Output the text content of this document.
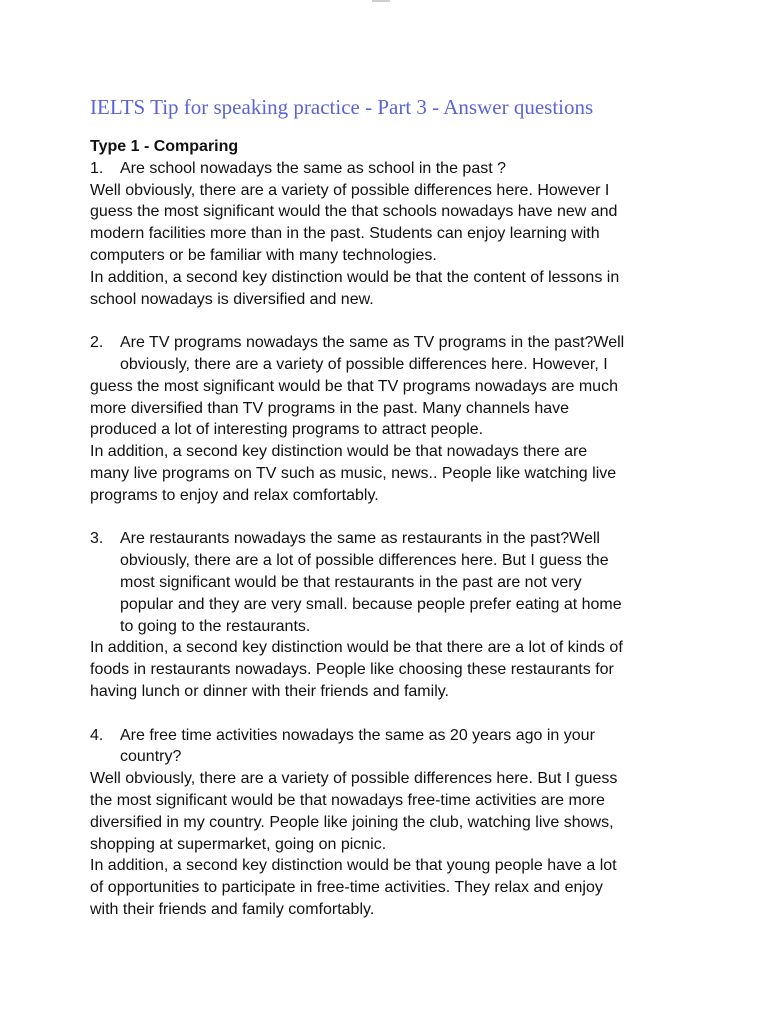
IELTS Tip for speaking practice - Part 3 - Answer questions

Type 1 - Comparing

1. Are school nowadays the same as school in the past ?

Well obviously, there are a variety of possible differences here. However I

guess the most significant would the that schools nowadays have new and

modern facilities more than in the past. Students can enjoy learning with

computers or be familiar with many technologies.

In addition, a second key distinction would be that the content of lessons in

school nowadays is diversified and new.

2. Are TV programs nowadays the same as TV programs in the past?Well

obviously, there are a variety of possible differences here. However, I

guess the most significant would be that TV programs nowadays are much

more diversified than TV programs in the past. Many channels have

produced a lot of interesting programs to attract people.

In addition, a second key distinction would be that nowadays there are

many live programs on TV such as music, news.. People like watching live

programs to enjoy and relax comfortably.

3. Are restaurants nowadays the same as restaurants in the past?Well

obviously, there are a lot of possible differences here. But I guess the

most significant would be that restaurants in the past are not very

popular and they are very small. because people prefer eating at home

to going to the restaurants.

In addition, a second key distinction would be that there are a lot of kinds of

foods in restaurants nowadays. People like choosing these restaurants for

having lunch or dinner with their friends and family.

4. Are free time activities nowadays the same as 20 years ago in your

country?

Well obviously, there are a variety of possible differences here. But I guess

the most significant would be that nowadays free-time activities are more

diversified in my country. People like joining the club, watching live shows,

shopping at supermarket, going on picnic.

In addition, a second key distinction would be that young people have a lot

of opportunities to participate in free-time activities. They relax and enjoy

with their friends and family comfortably.
